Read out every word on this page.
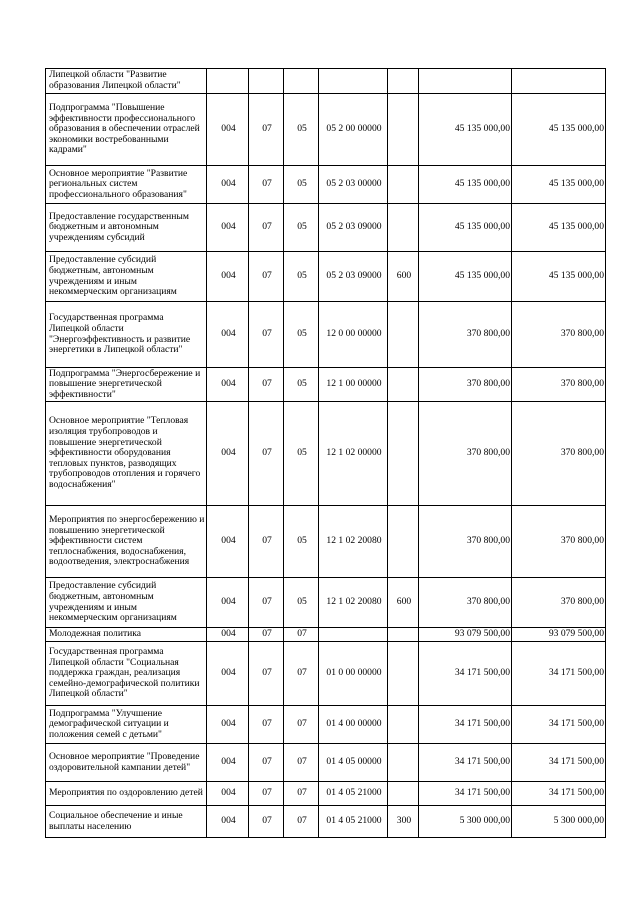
Липецкой области "Развитие образования Липецкой области"							
Подпрограмма "Повышение эффективности профессионального образования в обеспечении отраслей экономики востребованными кадрами"	004	07	05	05 2 00 00000		45 135 000,00	45 135 000,00
Основное мероприятие "Развитие региональных систем профессионального образования"	004	07	05	05 2 03 00000		45 135 000,00	45 135 000,00
Предоставление государственным бюджетным и автономным учреждениям субсидий	004	07	05	05 2 03 09000		45 135 000,00	45 135 000,00
Предоставление субсидий бюджетным, автономным учреждениям и иным некоммерческим организациям	004	07	05	05 2 03 09000	600	45 135 000,00	45 135 000,00
Государственная программа Липецкой области "Энергоэффективность и развитие энергетики в Липецкой области"	004	07	05	12 0 00 00000		370 800,00	370 800,00
Подпрограмма "Энергосбережение и повышение энергетической эффективности"	004	07	05	12 1 00 00000		370 800,00	370 800,00
Основное мероприятие "Тепловая изоляция трубопроводов и повышение энергетической эффективности оборудования тепловых пунктов, разводящих трубопроводов отопления и горячего водоснабжения"	004	07	05	12 1 02 00000		370 800,00	370 800,00
Мероприятия по энергосбережению и повышению энергетической эффективности систем теплоснабжения, водоснабжения, водоотведения, электроснабжения	004	07	05	12 1 02 20080		370 800,00	370 800,00
Предоставление субсидий бюджетным, автономным учреждениям и иным некоммерческим организациям	004	07	05	12 1 02 20080	600	370 800,00	370 800,00
Молодежная политика	004	07	07			93 079 500,00	93 079 500,00
Государственная программа Липецкой области "Социальная поддержка граждан, реализация семейно-демографической политики Липецкой области"	004	07	07	01 0 00 00000		34 171 500,00	34 171 500,00
Подпрограмма "Улучшение демографической ситуации и положения семей с детьми"	004	07	07	01 4 00 00000		34 171 500,00	34 171 500,00
Основное мероприятие "Проведение оздоровительной кампании детей"	004	07	07	01 4 05 00000		34 171 500,00	34 171 500,00
Мероприятия по оздоровлению детей	004	07	07	01 4 05 21000		34 171 500,00	34 171 500,00
Социальное обеспечение и иные выплаты населению	004	07	07	01 4 05 21000	300	5 300 000,00	5 300 000,00
